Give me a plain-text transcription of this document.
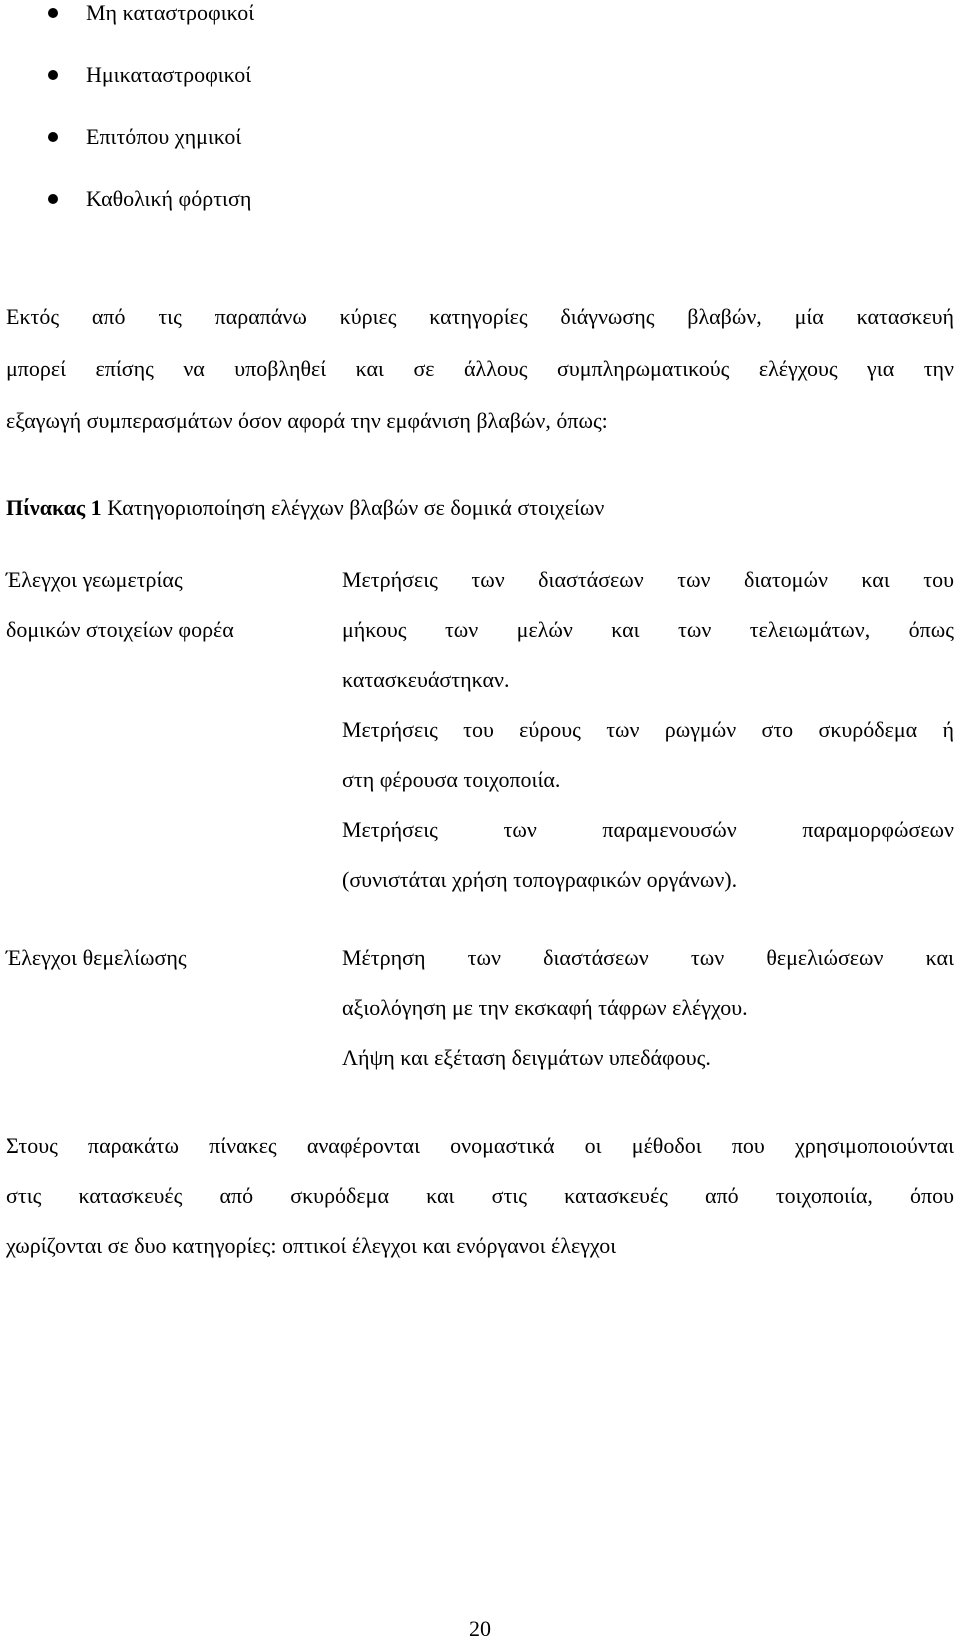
Μη καταστροφικοί
Ημικαταστροφικοί
Επιτόπου χημικοί
Καθολική φόρτιση
Εκτός από τις παραπάνω κύριες κατηγορίες διάγνωσης βλαβών, μία κατασκευή
μπορεί επίσης να υποβληθεί και σε άλλους συμπληρωματικούς ελέγχους για την
εξαγωγή συμπερασμάτων όσον αφορά την εμφάνιση βλαβών, όπως:
Πίνακας 1 Κατηγοριοποίηση ελέγχων βλαβών σε δομικά στοιχείων
Έλεγχοι γεωμετρίας
δομικών στοιχείων φορέα
Μετρήσεις των διαστάσεων των διατομών και του
μήκους των μελών και των τελειωμάτων, όπως
κατασκευάστηκαν.
Μετρήσεις του εύρους των ρωγμών στο σκυρόδεμα ή
στη φέρουσα τοιχοποιία.
Μετρήσεις των παραμενουσών παραμορφώσεων
(συνιστάται χρήση τοπογραφικών οργάνων).
Έλεγχοι θεμελίωσης	Μέτρηση των διαστάσεων των θεμελιώσεων και
αξιολόγηση με την εκσκαφή τάφρων ελέγχου.
Λήψη και εξέταση δειγμάτων υπεδάφους.
Στους παρακάτω πίνακες αναφέρονται ονομαστικά οι μέθοδοι που χρησιμοποιούνται
στις κατασκευές από σκυρόδεμα και στις κατασκευές από τοιχοποιία, όπου
χωρίζονται σε δυο κατηγορίες: οπτικοί έλεγχοι και ενόργανοι έλεγχοι
20
